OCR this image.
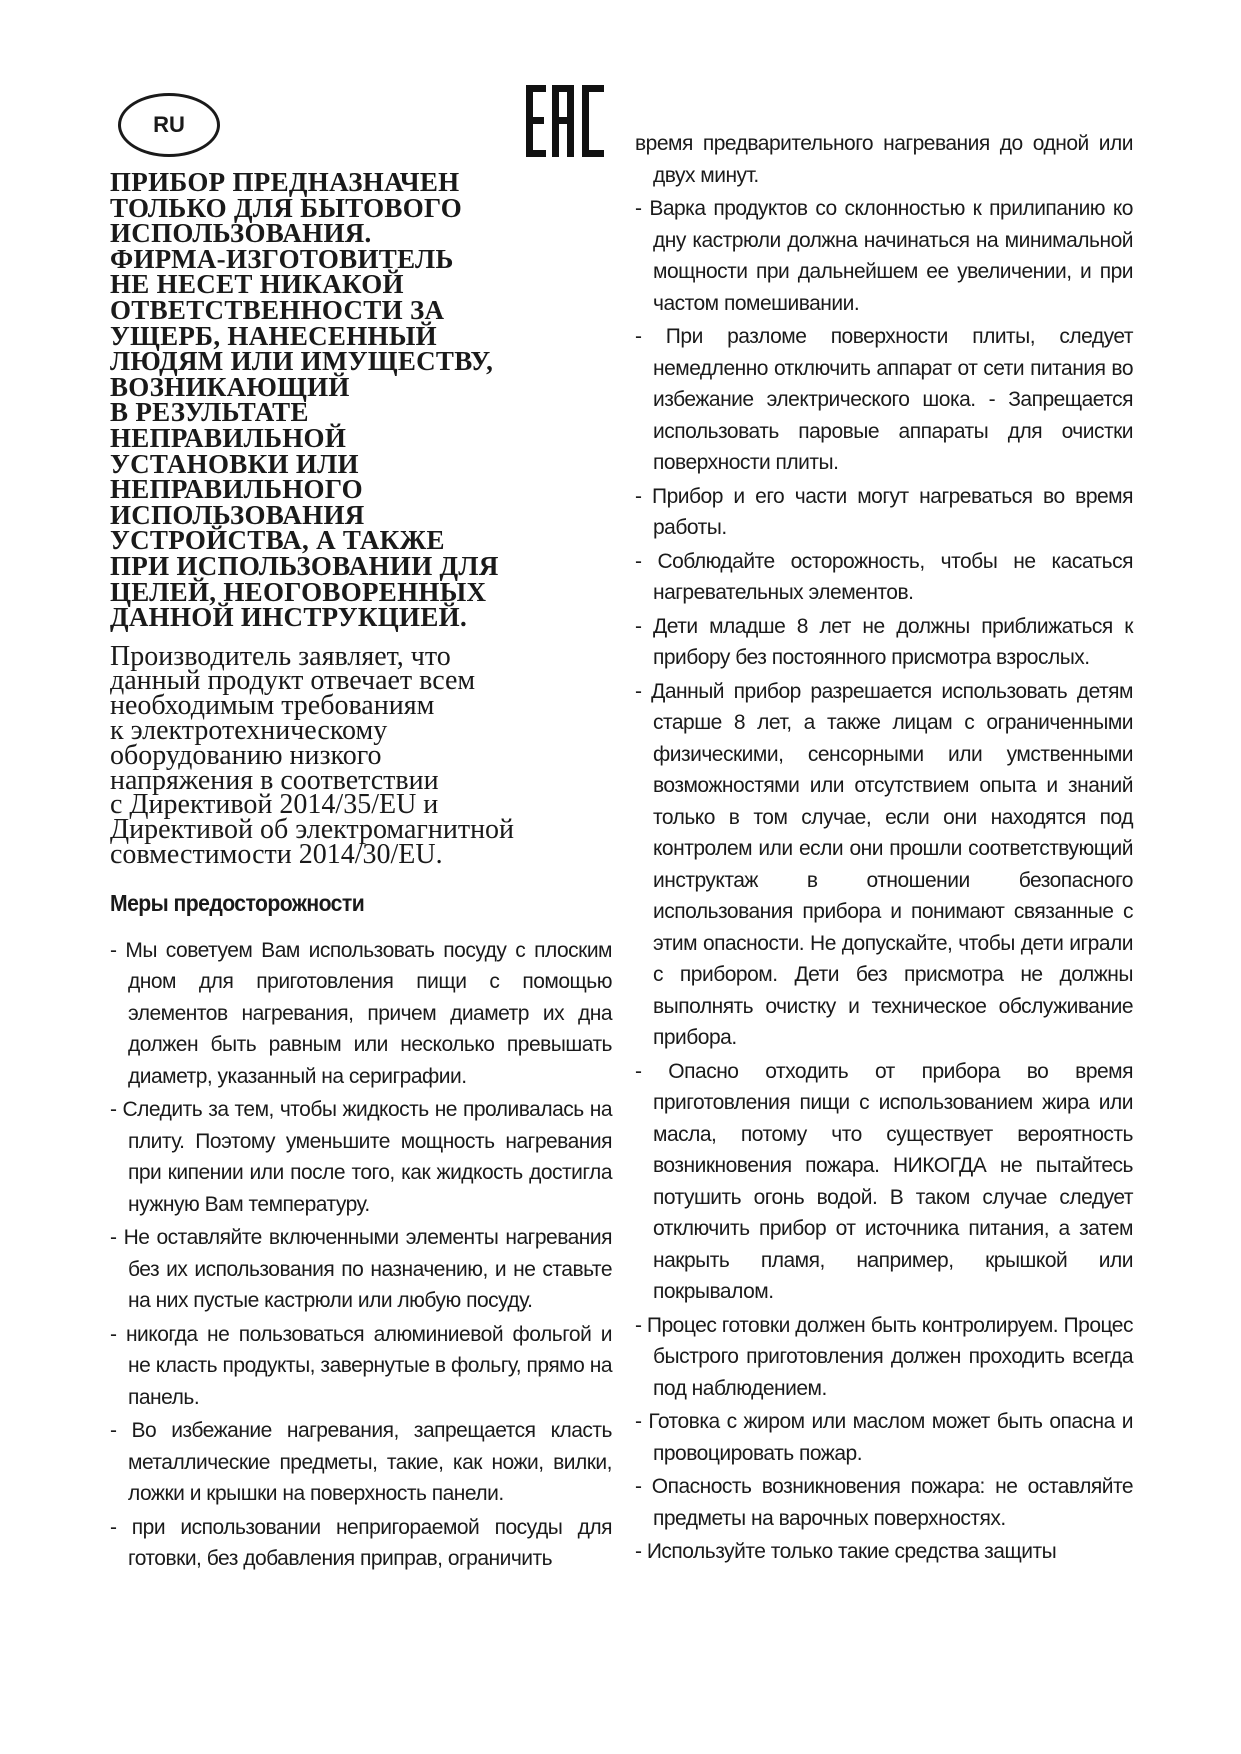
RU
ПРИБОР ПРЕДНАЗНАЧЕН
ТОЛЬКО ДЛЯ БЫТОВОГО
ИСПОЛЬЗОВАНИЯ.
ФИРМА-ИЗГОТОВИТЕЛЬ
НЕ НЕСЕТ НИКАКОЙ
ОТВЕТСТВЕННОСТИ ЗА
УЩЕРБ, НАНЕСЕННЫЙ
ЛЮДЯМ ИЛИ ИМУЩЕСТВУ,
ВОЗНИКАЮЩИЙ
В РЕЗУЛЬТАТЕ
НЕПРАВИЛЬНОЙ
УСТАНОВКИ ИЛИ
НЕПРАВИЛЬНОГО
ИСПОЛЬЗОВАНИЯ
УСТРОЙСТВА, А ТАКЖЕ
ПРИ ИСПОЛЬЗОВАНИИ ДЛЯ
ЦЕЛЕЙ, НЕОГОВОРЕННЫХ
ДАННОЙ ИНСТРУКЦИЕЙ.
Производитель заявляет, что
данный продукт отвечает всем
необходимым требованиям
к электротехническому
оборудованию низкого
напряжения в соответствии
с Директивой 2014/35/EU и
Директивой об электромагнитной
совместимости 2014/30/EU.
Меры предосторожности

- Мы советуем Вам использовать посуду с плоским дном для приготовления пищи с помощью элементов нагревания, причем диаметр их дна должен быть равным или несколько превышать диаметр, указанный на сериграфии.

- Следить за тем, чтобы жидкость не проливалась на плиту. Поэтому уменьшите мощность нагревания при кипении или после того, как жидкость достигла нужную Вам температуру.

- Не оставляйте включенными элементы нагревания без их использования по назначению, и не ставьте на них пустые кастрюли или любую посуду.

- никогда не пользоваться алюминиевой фольгой и не класть продукты, завернутые в фольгу, прямо на панель.

- Во избежание нагревания, запрещается класть металлические предметы, такие, как ножи, вилки, ложки и крышки на поверхность панели.

- при использовании непригораемой посуды для готовки, без добавления приправ, ограничить

время предварительного нагревания до одной или двух минут.

- Варка продуктов со склонностью к прилипанию ко дну кастрюли должна начинаться на минимальной мощности при дальнейшем ее увеличении, и при частом помешивании.

- При разломе поверхности плиты, следует немедленно отключить аппарат от сети питания во избежание электрического шока. - Запрещается использовать паровые аппараты для очистки поверхности плиты.

- Прибор и его части могут нагреваться во время работы.

- Соблюдайте осторожность, чтобы не касаться нагревательных элементов.

- Дети младше 8 лет не должны приближаться к прибору без постоянного присмотра взрослых.

- Данный прибор разрешается использовать детям старше 8 лет, а также лицам с ограниченными физическими, сенсорными или умственными возможностями или отсутствием опыта и знаний только в том случае, если они находятся под контролем или если они прошли соответствующий инструктаж в отношении безопасного использования прибора и понимают связанные с этим опасности. Не допускайте, чтобы дети играли с прибором. Дети без присмотра не должны выполнять очистку и техническое обслуживание прибора.

- Опасно отходить от прибора во время приготовления пищи с использованием жира или масла, потому что существует вероятность возникновения пожара. НИКОГДА не пытайтесь потушить огонь водой. В таком случае следует отключить прибор от источника питания, а затем накрыть пламя, например, крышкой или покрывалом.

- Процес готовки должен быть контролируем. Процес быстрого приготовления должен проходить всегда под наблюдением.

- Готовка с жиром или маслом может быть опасна и провоцировать пожар.

- Опасность возникновения пожара: не оставляйте предметы на варочных поверхностях.

- Используйте только такие средства защиты
